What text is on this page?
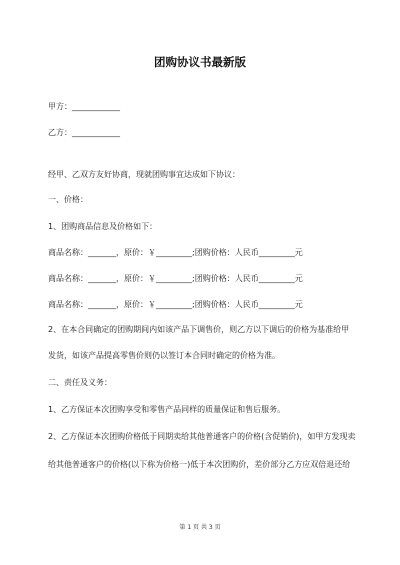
团购协议书最新版
甲方：____________
乙方：____________
经甲、乙双方友好协商，现就团购事宜达成如下协议：
一、价格：
1、团购商品信息及价格如下：
商品名称：_______，原价：￥_________;团购价格：人民币_________元
商品名称：_______，原价：￥_________;团购价格：人民币_________元
商品名称：_______，原价：￥_________;团购价格：人民币_________元
2、在本合同确定的团购期间内如该产品下调售价，则乙方以下调后的价格为基准给甲
发货，如该产品提高零售价则仍以签订本合同时确定的价格为准。
二、责任及义务：
1、乙方保证本次团购享受和零售产品同样的质量保证和售后服务。
2、乙方保证本次团购价格低于同期卖给其他普通客户的价格(含促销价)，如甲方发现卖
给其他普通客户的价格(以下称为价格一)低于本次团购价，差价部分乙方应双倍退还给
第 1 页 共 3 页
